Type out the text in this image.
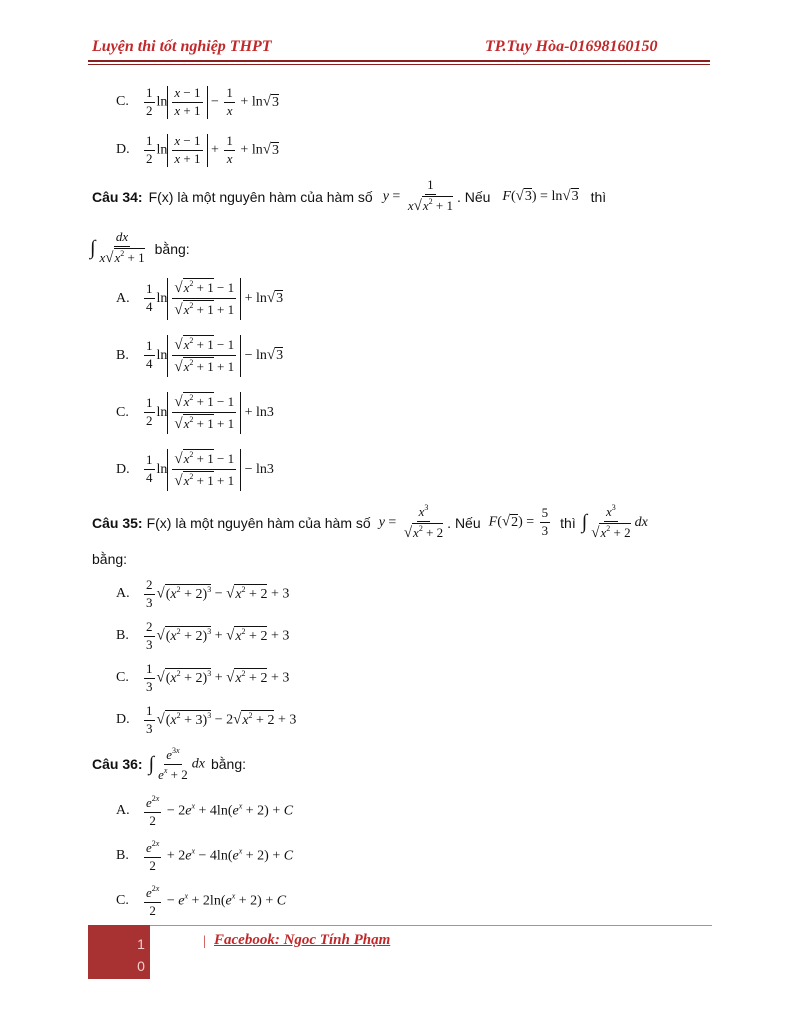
Luyện thi tốt nghiệp THPT	TP.Tuy Hòa-01698160150
C.	$\frac{1}{2}$ $\ln \frac{x - 1}{x + 1} - \frac{1}{x} + \ln√3$
D.	$\frac{1}{2}$ $\ln \frac{x - 1}{x + 1} + \frac{1}{x} + \ln√3$
Câu 34: F(x) là một nguyên hàm của hàm số $y = \frac{1}{x√x^2 + 1}$ . Nếu F(√3) = ln√3 thì
∫ $\frac{dx}{x√x^2 + 1}$ bằng:
A.	$\frac{1}{4}$ $\ln \frac{√x^2 + 1 - 1}{√x^2 + 1 + 1} + \ln√3$
B.	$\frac{1}{4}$ $\ln \frac{√x^2 + 1 - 1}{√x^2 + 1 + 1} - \ln√3$
C.	$\frac{1}{2}$ $\ln \frac{√x^2 + 1 - 1}{√x^2 + 1 + 1} + \ln 3$
D.	$\frac{1}{4}$ $\ln \frac{√x^2 + 1 - 1}{√x^2 + 1 + 1} - \ln 3$
Câu 35: F(x) là một nguyên hàm của hàm số $y = \frac{x^3}{√x^2 + 2}$ . Nếu $F(√2) = \frac{5}{3}$ thì ∫ $\frac{x^3}{√x^2 + 2}$ dx
bằng:
A.	$\frac{2}{3} √(x^2 + 2)^3 - √x^2 + 2 + 3$
B.	$\frac{2}{3} √(x^2 + 2)^3 + √x^2 + 2 + 3$
C.	$\frac{1}{3} √(x^2 + 2)^3 + √x^2 + 2 + 3$
D.	$\frac{1}{3} √(x^2 + 3)^3 - 2√x^2 + 2 + 3$
Câu 36: ∫ $\frac{e^{3x}}{e^x + 2}$ dx bằng:
A.	$\frac{e^{2x}}{2} - 2e^x + 4\ln(e^x + 2) + C$
B.	$\frac{e^{2x}}{2} + 2e^x - 4\ln(e^x + 2) + C$
C.	$\frac{e^{2x}}{2} - e^x + 2\ln(e^x + 2) + C$
1
0
| Facebook: Ngoc Tính Phạm
